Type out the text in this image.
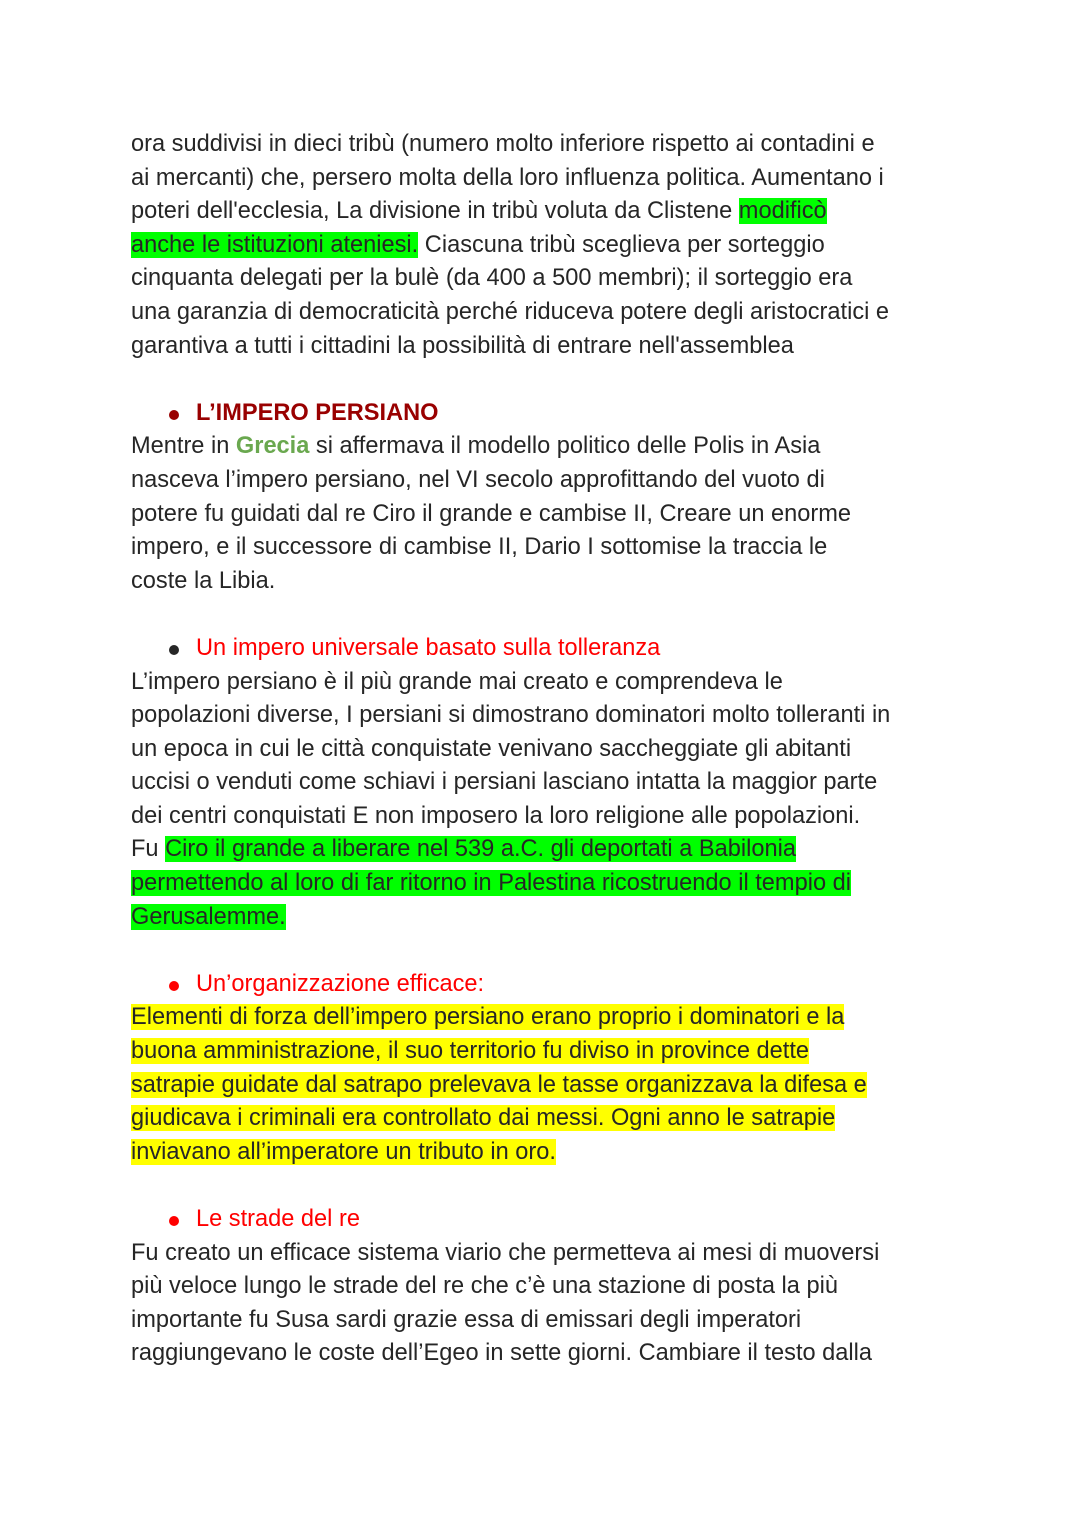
ora suddivisi in dieci tribù (numero molto inferiore rispetto ai contadini e
ai mercanti) che, persero molta della loro influenza politica. Aumentano i
poteri dell'ecclesia, La divisione in tribù voluta da Clistene modificò
anche le istituzioni ateniesi. Ciascuna tribù sceglieva per sorteggio
cinquanta delegati per la bulè (da 400 a 500 membri); il sorteggio era
una garanzia di democraticità perché riduceva potere degli aristocratici e
garantiva a tutti i cittadini la possibilità di entrare nell'assemblea

L’IMPERO PERSIANO
Mentre in Grecia si affermava il modello politico delle Polis in Asia
nasceva l’impero persiano, nel VI secolo approfittando del vuoto di
potere fu guidati dal re Ciro il grande e cambise II, Creare un enorme
impero, e il successore di cambise II, Dario I sottomise la traccia le
coste la Libia.
Un impero universale basato sulla tolleranza
L’impero persiano è il più grande mai creato e comprendeva le
popolazioni diverse, I persiani si dimostrano dominatori molto tolleranti in
un epoca in cui le città conquistate venivano saccheggiate gli abitanti
uccisi o venduti come schiavi i persiani lasciano intatta la maggior parte
dei centri conquistati E non imposero la loro religione alle popolazioni.
Fu Ciro il grande a liberare nel 539 a.C. gli deportati a Babilonia
permettendo al loro di far ritorno in Palestina ricostruendo il tempio di
Gerusalemme.
Un’organizzazione efficace:
Elementi di forza dell’impero persiano erano proprio i dominatori e la
buona amministrazione, il suo territorio fu diviso in province dette
satrapie guidate dal satrapo prelevava le tasse organizzava la difesa e
giudicava i criminali era controllato dai messi. Ogni anno le satrapie
inviavano all’imperatore un tributo in oro.
Le strade del re
Fu creato un efficace sistema viario che permetteva ai mesi di muoversi
più veloce lungo le strade del re che c’è una stazione di posta la più
importante fu Susa sardi grazie essa di emissari degli imperatori
raggiungevano le coste dell’Egeo in sette giorni. Cambiare il testo dalla
